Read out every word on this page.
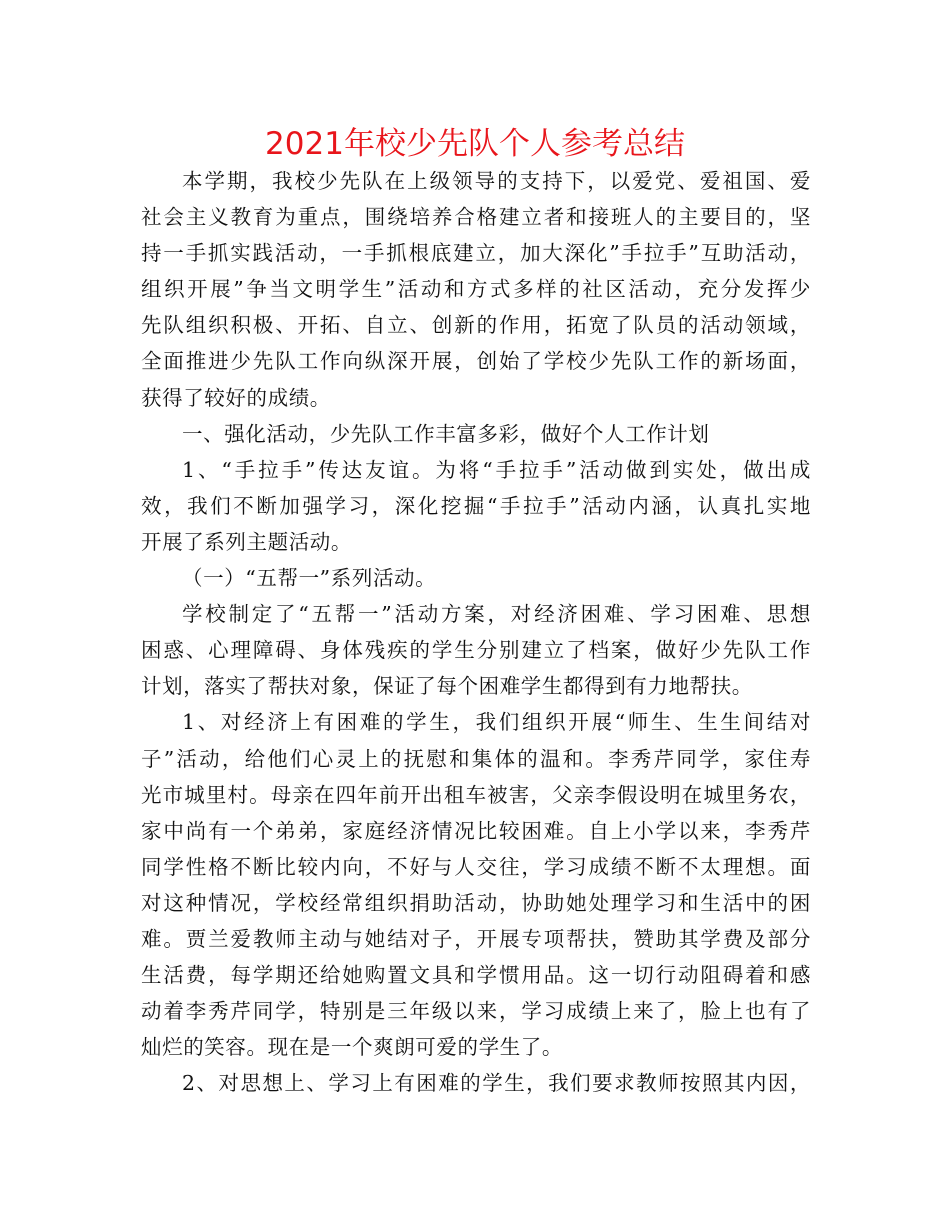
2021年校少先队个人参考总结

本学期，我校少先队在上级领导的支持下，以爱党、爱祖国、爱
社会主义教育为重点，围绕培养合格建立者和接班人的主要目的，坚
持一手抓实践活动，一手抓根底建立，加大深化”手拉手”互助活动，
组织开展”争当文明学生”活动和方式多样的社区活动，充分发挥少
先队组织积极、开拓、自立、创新的作用，拓宽了队员的活动领域，
全面推进少先队工作向纵深开展，创始了学校少先队工作的新场面，
获得了较好的成绩。

一、强化活动，少先队工作丰富多彩，做好个人工作计划

1、“手拉手”传达友谊。为将“手拉手”活动做到实处，做出成
效，我们不断加强学习，深化挖掘“手拉手”活动内涵，认真扎实地
开展了系列主题活动。

（一）“五帮一”系列活动。

学校制定了“五帮一”活动方案，对经济困难、学习困难、思想
困惑、心理障碍、身体残疾的学生分别建立了档案，做好少先队工作
计划，落实了帮扶对象，保证了每个困难学生都得到有力地帮扶。

1、对经济上有困难的学生，我们组织开展“师生、生生间结对
子”活动，给他们心灵上的抚慰和集体的温和。李秀芹同学，家住寿
光市城里村。母亲在四年前开出租车被害，父亲李假设明在城里务农，
家中尚有一个弟弟，家庭经济情况比较困难。自上小学以来，李秀芹
同学性格不断比较内向，不好与人交往，学习成绩不断不太理想。面
对这种情况，学校经常组织捐助活动，协助她处理学习和生活中的困
难。贾兰爱教师主动与她结对子，开展专项帮扶，赞助其学费及部分
生活费，每学期还给她购置文具和学惯用品。这一切行动阻碍着和感
动着李秀芹同学，特别是三年级以来，学习成绩上来了，脸上也有了
灿烂的笑容。现在是一个爽朗可爱的学生了。

2、对思想上、学习上有困难的学生，我们要求教师按照其内因，
